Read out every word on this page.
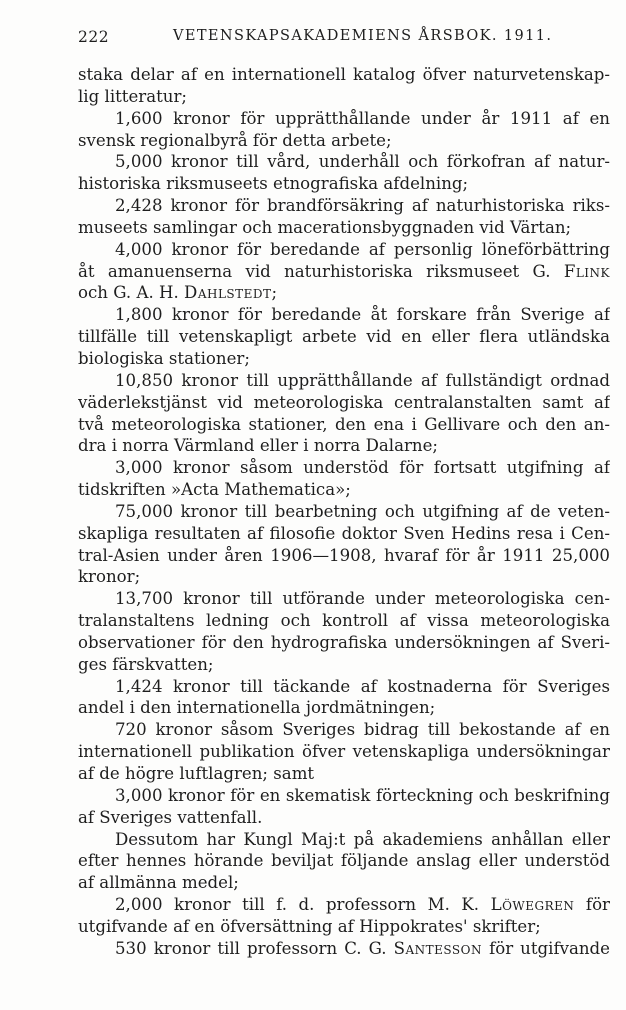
222	VETENSKAPSAKADEMIENS ÅRSBOK. 1911.
staka delar af en internationell katalog öfver naturvetenskap-
lig litteratur;
1,600 kronor för upprätthållande under år 1911 af en
svensk regionalbyrå för detta arbete;
5,000 kronor till vård, underhåll och förkofran af natur-
historiska riksmuseets etnografiska afdelning;
2,428 kronor för brandförsäkring af naturhistoriska riks-
museets samlingar och macerationsbyggnaden vid Värtan;
4,000 kronor för beredande af personlig löneförbättring
åt amanuenserna vid naturhistoriska riksmuseet G. Flink
och G. A. H. Dahlstedt;
1,800 kronor för beredande åt forskare från Sverige af
tillfälle till vetenskapligt arbete vid en eller flera utländska
biologiska stationer;
10,850 kronor till upprätthållande af fullständigt ordnad
väderlekstjänst vid meteorologiska centralanstalten samt af
två meteorologiska stationer, den ena i Gellivare och den an-
dra i norra Värmland eller i norra Dalarne;
3,000 kronor såsom understöd för fortsatt utgifning af
tidskriften »Acta Mathematica»;
75,000 kronor till bearbetning och utgifning af de veten-
skapliga resultaten af filosofie doktor Sven Hedins resa i Cen-
tral-Asien under åren 1906—1908, hvaraf för år 1911 25,000
kronor;
13,700 kronor till utförande under meteorologiska cen-
tralanstaltens ledning och kontroll af vissa meteorologiska
observationer för den hydrografiska undersökningen af Sveri-
ges färskvatten;
1,424 kronor till täckande af kostnaderna för Sveriges
andel i den internationella jordmätningen;
720 kronor såsom Sveriges bidrag till bekostande af en
internationell publikation öfver vetenskapliga undersökningar
af de högre luftlagren; samt
3,000 kronor för en skematisk förteckning och beskrifning
af Sveriges vattenfall.
Dessutom har Kungl Maj:t på akademiens anhållan eller
efter hennes hörande beviljat följande anslag eller understöd
af allmänna medel;
2,000 kronor till f. d. professorn M. K. Löwegren för
utgifvande af en öfversättning af Hippokrates' skrifter;
530 kronor till professorn C. G. Santesson för utgifvande
